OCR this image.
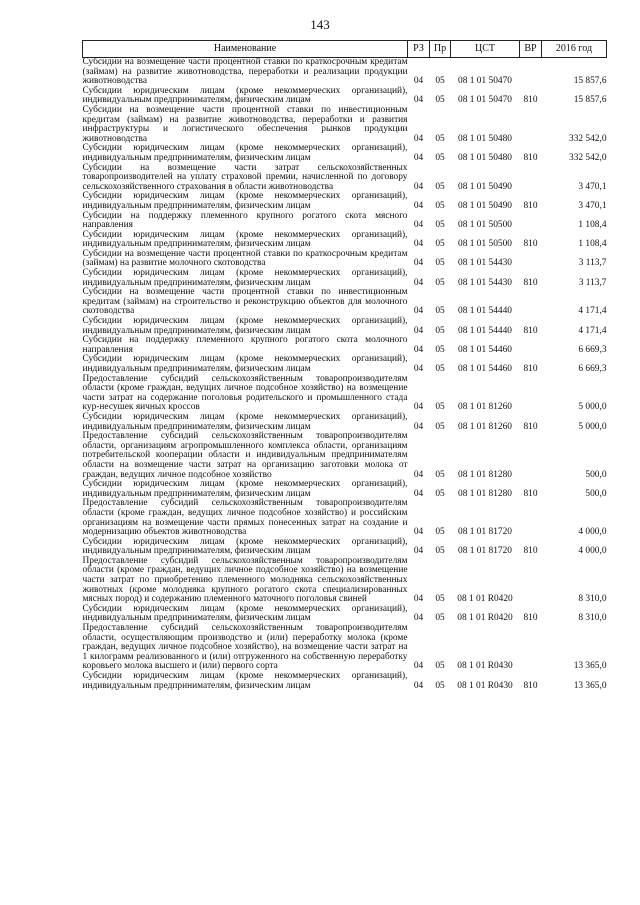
143
Наименование	РЗ	Пр	ЦСТ	ВР	2016 год
Субсидии на возмещение части процентной ставки по краткосрочным кредитам (займам) на развитие животноводства, переработки и реализации продукции животноводства	04	05	08 1 01 50470		15 857,6
Субсидии юридическим лицам (кроме некоммерческих организаций), индивидуальным предпринимателям, физическим лицам	04	05	08 1 01 50470	810	15 857,6
Субсидии на возмещение части процентной ставки по инвестиционным кредитам (займам) на развитие животноводства, переработки и развития инфраструктуры и логистического обеспечения рынков продукции животноводства	04	05	08 1 01 50480		332 542,0
Субсидии юридическим лицам (кроме некоммерческих организаций), индивидуальным предпринимателям, физическим лицам	04	05	08 1 01 50480	810	332 542,0
Субсидии на возмещение части затрат сельскохозяйственных товаропроизводителей на уплату страховой премии, начисленной по договору сельскохозяйственного страхования в области животноводства	04	05	08 1 01 50490		3 470,1
Субсидии юридическим лицам (кроме некоммерческих организаций), индивидуальным предпринимателям, физическим лицам	04	05	08 1 01 50490	810	3 470,1
Субсидии на поддержку племенного крупного рогатого скота мясного направления	04	05	08 1 01 50500		1 108,4
Субсидии юридическим лицам (кроме некоммерческих организаций), индивидуальным предпринимателям, физическим лицам	04	05	08 1 01 50500	810	1 108,4
Субсидии на возмещение части процентной ставки по краткосрочным кредитам (займам) на развитие молочного скотоводства	04	05	08 1 01 54430		3 113,7
Субсидии юридическим лицам (кроме некоммерческих организаций), индивидуальным предпринимателям, физическим лицам	04	05	08 1 01 54430	810	3 113,7
Субсидии на возмещение части процентной ставки по инвестиционным кредитам (займам) на строительство и реконструкцию объектов для молочного скотоводства	04	05	08 1 01 54440		4 171,4
Субсидии юридическим лицам (кроме некоммерческих организаций), индивидуальным предпринимателям, физическим лицам	04	05	08 1 01 54440	810	4 171,4
Субсидии на поддержку племенного крупного рогатого скота молочного направления	04	05	08 1 01 54460		6 669,3
Субсидии юридическим лицам (кроме некоммерческих организаций), индивидуальным предпринимателям, физическим лицам	04	05	08 1 01 54460	810	6 669,3
Предоставление субсидий сельскохозяйственным товаропроизводителям области (кроме граждан, ведущих личное подсобное хозяйство) на возмещение части затрат на содержание поголовья родительского и промышленного стада кур-несушек яичных кроссов	04	05	08 1 01 81260		5 000,0
Субсидии юридическим лицам (кроме некоммерческих организаций), индивидуальным предпринимателям, физическим лицам	04	05	08 1 01 81260	810	5 000,0
Предоставление субсидий сельскохозяйственным товаропроизводителям области, организациям агропромышленного комплекса области, организациям потребительской кооперации области и индивидуальным предпринимателям области на возмещение части затрат на организацию заготовки молока от граждан, ведущих личное подсобное хозяйство	04	05	08 1 01 81280		500,0
Субсидии юридическим лицам (кроме некоммерческих организаций), индивидуальным предпринимателям, физическим лицам	04	05	08 1 01 81280	810	500,0
Предоставление субсидий сельскохозяйственным товаропроизводителям области (кроме граждан, ведущих личное подсобное хозяйство) и российским организациям на возмещение части прямых понесенных затрат на создание и модернизацию объектов животноводства	04	05	08 1 01 81720		4 000,0
Субсидии юридическим лицам (кроме некоммерческих организаций), индивидуальным предпринимателям, физическим лицам	04	05	08 1 01 81720	810	4 000,0
Предоставление субсидий сельскохозяйственным товаропроизводителям области (кроме граждан, ведущих личное подсобное хозяйство) на возмещение части затрат по приобретению племенного молодняка сельскохозяйственных животных (кроме молодняка крупного рогатого скота специализированных мясных пород) и содержанию племенного маточного поголовья свиней	04	05	08 1 01 R0420		8 310,0
Субсидии юридическим лицам (кроме некоммерческих организаций), индивидуальным предпринимателям, физическим лицам	04	05	08 1 01 R0420	810	8 310,0
Предоставление субсидий сельскохозяйственным товаропроизводителям области, осуществляющим производство и (или) переработку молока (кроме граждан, ведущих личное подсобное хозяйство), на возмещение части затрат на 1 килограмм реализованного и (или) отгруженного на собственную переработку коровьего молока высшего и (или) первого сорта	04	05	08 1 01 R0430		13 365,0
Субсидии юридическим лицам (кроме некоммерческих организаций), индивидуальным предпринимателям, физическим лицам	04	05	08 1 01 R0430	810	13 365,0
